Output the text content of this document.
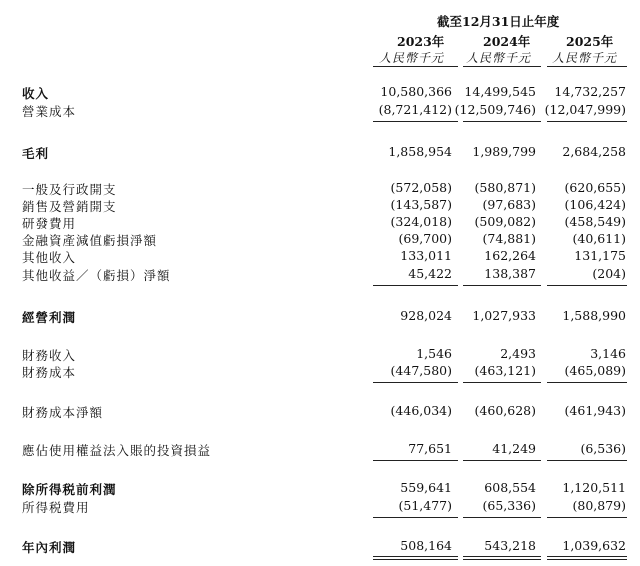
截至12月31日止年度
2023年	2024年	2025年
人民幣千元 人民幣千元 人民幣千元
收入	10,580,366 14,499,545 14,732,257
營業成本	(8,721,412) (12,509,746) (12,047,999)
毛利	1,858,954 1,989,799 2,684,258
一般及行政開支	(572,058) (580,871) (620,655)
銷售及營銷開支	(143,587) (97,683) (106,424)
研發費用	(324,018) (509,082) (458,549)
金融資產減值虧損淨額	(69,700) (74,881)	(40,611)
其他收入	133,011	162,264	131,175
其他收益／（虧損）淨額	45,422	138,387	(204)
經營利潤	928,024 1,027,933 1,588,990
財務收入	1,546	2,493	3,146
財務成本	(447,580) (463,121) (465,089)
財務成本淨額	(446,034) (460,628) (461,943)
應佔使用權益法入賬的投資損益	77,651	41,249	(6,536)
除所得税前利潤	559,641	608,554 1,120,511
所得税費用	(51,477) (65,336)	(80,879)
年內利潤	508,164	543,218 1,039,632
